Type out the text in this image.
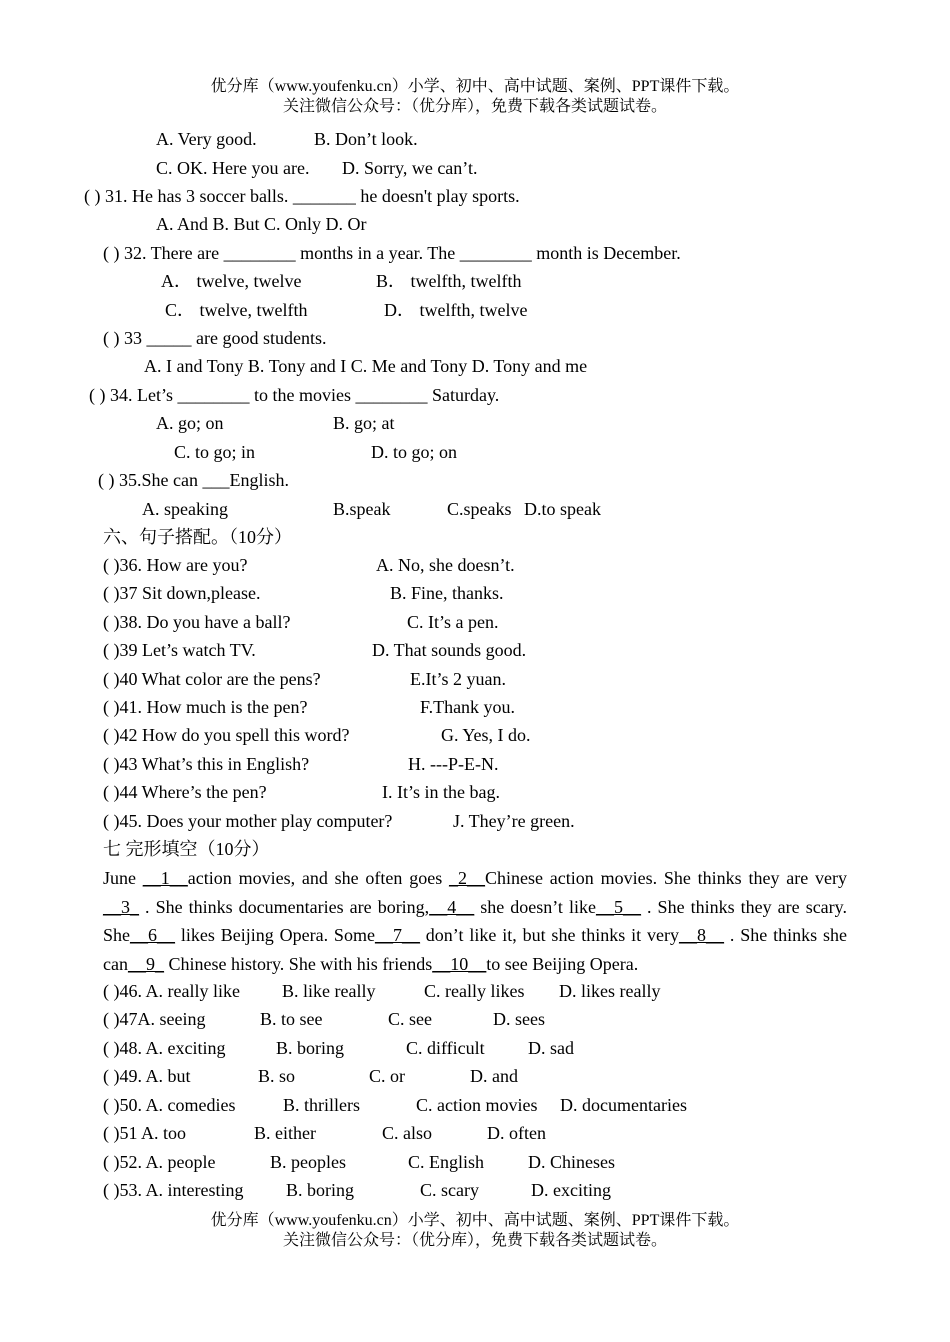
优分库（www.youfenku.cn）小学、初中、高中试题、案例、PPT课件下载。
关注微信公众号：（优分库），免费下载各类试题试卷。
A. Very good.	B. Don’t look.
C. OK. Here you are. D. Sorry, we can’t.
( ) 31. He has 3 soccer balls. _______ he doesn't play sports.
A. And B. But C. Only D. Or
( ) 32. There are ________ months in a year. The ________ month is December.
A． twelve, twelve	B． twelfth, twelfth
C． twelve, twelfth	D． twelfth, twelve
( ) 33 _____ are good students.
A. I and Tony B. Tony and I C. Me and Tony D. Tony and me
( ) 34. Let’s ________ to the movies ________ Saturday.
A. go; on	B. go; at
C. to go; in	D. to go; on
( ) 35.She can ___English.
A. speaking	B.speak	C.speaks D.to speak
六、句子搭配。（10分）
( )36. How are you?	A. No, she doesn’t.
( )37 Sit down,please.	B. Fine, thanks.
( )38. Do you have a ball?	C. It’s a pen.
( )39 Let’s watch TV.	D. That sounds good.
( )40 What color are the pens?	E.It’s 2 yuan.
( )41. How much is the pen?	F.Thank you.
( )42 How do you spell this word?	G. Yes, I do.
( )43 What’s this in English?	H. ---P-E-N.
( )44 Where’s the pen?	I. It’s in the bag.
( )45. Does your mother play computer?	J. They’re green.
七 完形填空（10分）
June __1__action movies, and she often goes _2__Chinese action movies. She thinks they are very __3_ . She thinks documentaries are boring,__4__ she doesn’t like__5__ . She thinks they are scary. She__6__ likes Beijing Opera. Some__7__ don’t like it, but she thinks it very__8__ . She thinks she can__9_ Chinese history. She with his friends__10__to see Beijing Opera.
( )46. A. really like B. like really	C. really likes D. likes really
( )47A. seeing	B. to see	C. see	D. sees
( )48. A. exciting	B. boring	C. difficult D. sad
( )49. A. but	B. so	C. or	D. and
( )50. A. comedies	B. thrillers	C. action movies D. documentaries
( )51 A. too	B. either	C. also	D. often
( )52. A. people	B. peoples	C. English D. Chineses
( )53. A. interesting B. boring	C. scary	D. exciting
优分库（www.youfenku.cn）小学、初中、高中试题、案例、PPT课件下载。
关注微信公众号：（优分库），免费下载各类试题试卷。
